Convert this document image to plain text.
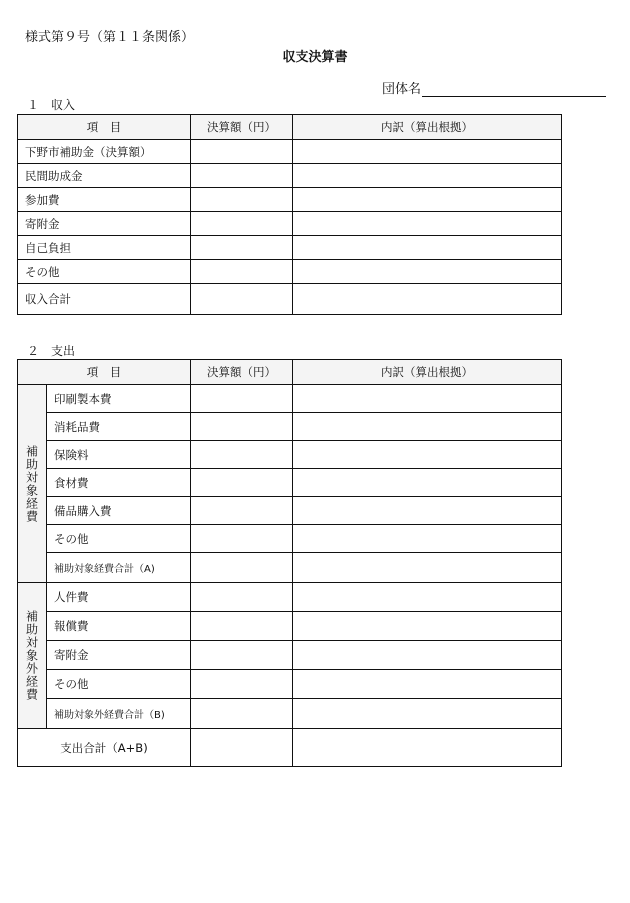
様式第９号（第１１条関係）
収支決算書
団体名
１　収入
項　目	決算額（円）	内訳（算出根拠）
下野市補助金（決算額）		
民間助成金		
参加費		
寄附金		
自己負担		
その他		
収入合計		
２　支出
項　目		決算額（円）	内訳（算出根拠）
補助対象経費	印刷製本費		
	消耗品費		
	保険料		
	食材費		
	備品購入費		
	その他		
	補助対象経費合計（A)		
補助対象外経費	人件費		
	報償費		
	寄附金		
	その他		
	補助対象外経費合計（B)		
支出合計（A+B)			
